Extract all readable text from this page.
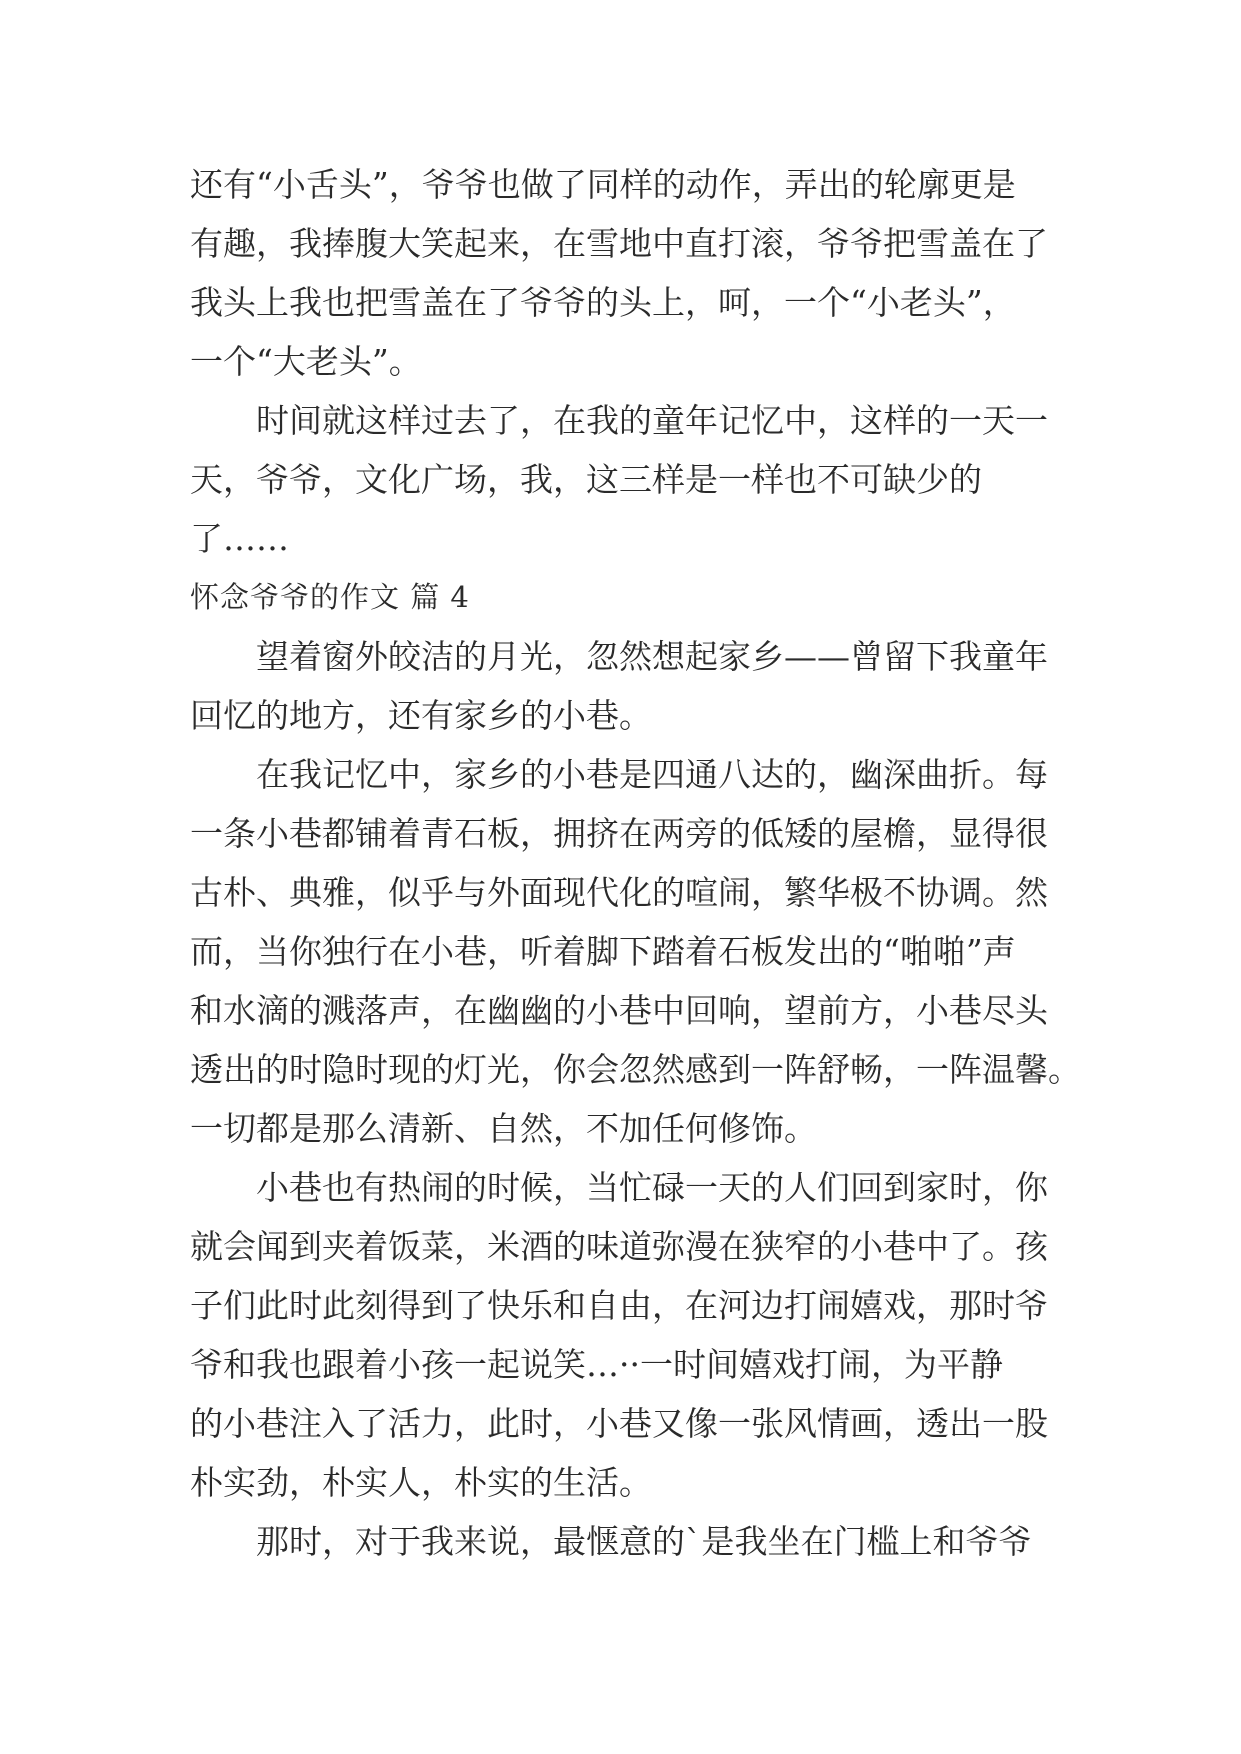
还有“小舌头”，爷爷也做了同样的动作，弄出的轮廓更是
有趣，我捧腹大笑起来，在雪地中直打滚，爷爷把雪盖在了
我头上我也把雪盖在了爷爷的头上，呵，一个“小老头”，
一个“大老头”。
时间就这样过去了，在我的童年记忆中，这样的一天一
天，爷爷，文化广场，我，这三样是一样也不可缺少的
了……
怀念爷爷的作文 篇 4
望着窗外皎洁的月光，忽然想起家乡——曾留下我童年
回忆的地方，还有家乡的小巷。
在我记忆中，家乡的小巷是四通八达的，幽深曲折。每
一条小巷都铺着青石板，拥挤在两旁的低矮的屋檐，显得很
古朴、典雅，似乎与外面现代化的喧闹，繁华极不协调。然
而，当你独行在小巷，听着脚下踏着石板发出的“啪啪”声
和水滴的溅落声，在幽幽的小巷中回响，望前方，小巷尽头
透出的时隐时现的灯光，你会忽然感到一阵舒畅，一阵温馨。
一切都是那么清新、自然，不加任何修饰。
小巷也有热闹的时候，当忙碌一天的人们回到家时，你
就会闻到夹着饭菜，米酒的味道弥漫在狭窄的小巷中了。孩
子们此时此刻得到了快乐和自由，在河边打闹嬉戏，那时爷
爷和我也跟着小孩一起说笑…··一时间嬉戏打闹，为平静
的小巷注入了活力，此时，小巷又像一张风情画，透出一股
朴实劲，朴实人，朴实的生活。
那时，对于我来说，最惬意的`是我坐在门槛上和爷爷
